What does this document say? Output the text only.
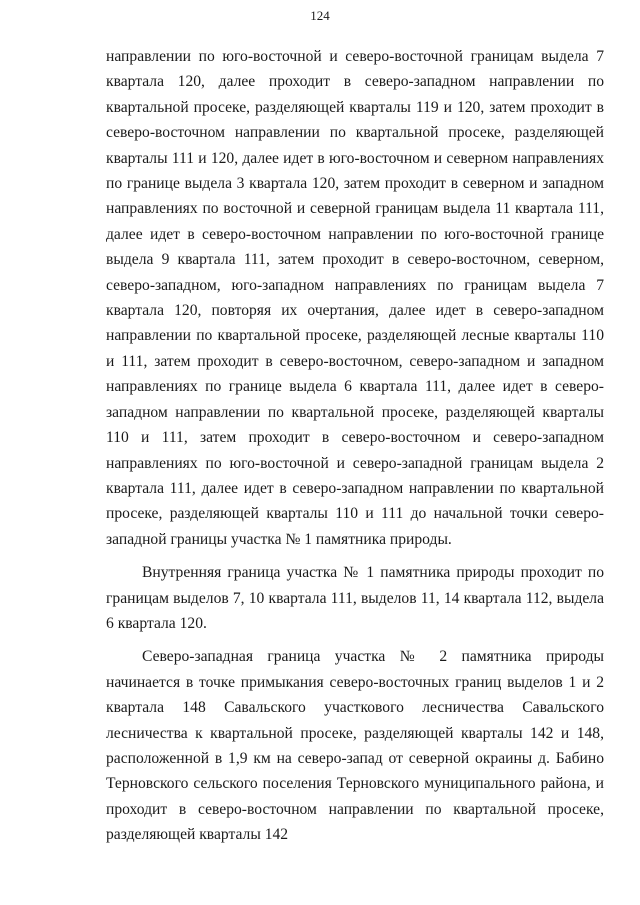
124

направлении по юго-восточной и северо-восточной границам выдела 7 квартала 120, далее проходит в северо-западном направлении по квартальной просеке, разделяющей кварталы 119 и 120, затем проходит в северо-восточном направлении по квартальной просеке, разделяющей кварталы 111 и 120, далее идет в юго-восточном и северном направлениях по границе выдела 3 квартала 120, затем проходит в северном и западном направлениях по восточной и северной границам выдела 11 квартала 111, далее идет в северо-восточном направлении по юго-восточной границе выдела 9 квартала 111, затем проходит в северо-восточном, северном, северо-западном, юго-западном направлениях по границам выдела 7 квартала 120, повторяя их очертания, далее идет в северо-западном направлении по квартальной просеке, разделяющей лесные кварталы 110 и 111, затем проходит в северо-восточном, северо-западном и западном направлениях по границе выдела 6 квартала 111, далее идет в северо-западном направлении по квартальной просеке, разделяющей кварталы 110 и 111, затем проходит в северо-восточном и северо-западном направлениях по юго-восточной и северо-западной границам выдела 2 квартала 111, далее идет в северо-западном направлении по квартальной просеке, разделяющей кварталы 110 и 111 до начальной точки северо-западной границы участка № 1 памятника природы.

Внутренняя граница участка № 1 памятника природы проходит по границам выделов 7, 10 квартала 111, выделов 11, 14 квартала 112, выдела 6 квартала 120.

Северо-западная граница участка № 2 памятника природы начинается в точке примыкания северо-восточных границ выделов 1 и 2 квартала 148 Савальского участкового лесничества Савальского лесничества к квартальной просеке, разделяющей кварталы 142 и 148, расположенной в 1,9 км на северо-запад от северной окраины д. Бабино Терновского сельского поселения Терновского муниципального района, и проходит в северо-восточном направлении по квартальной просеке, разделяющей кварталы 142
